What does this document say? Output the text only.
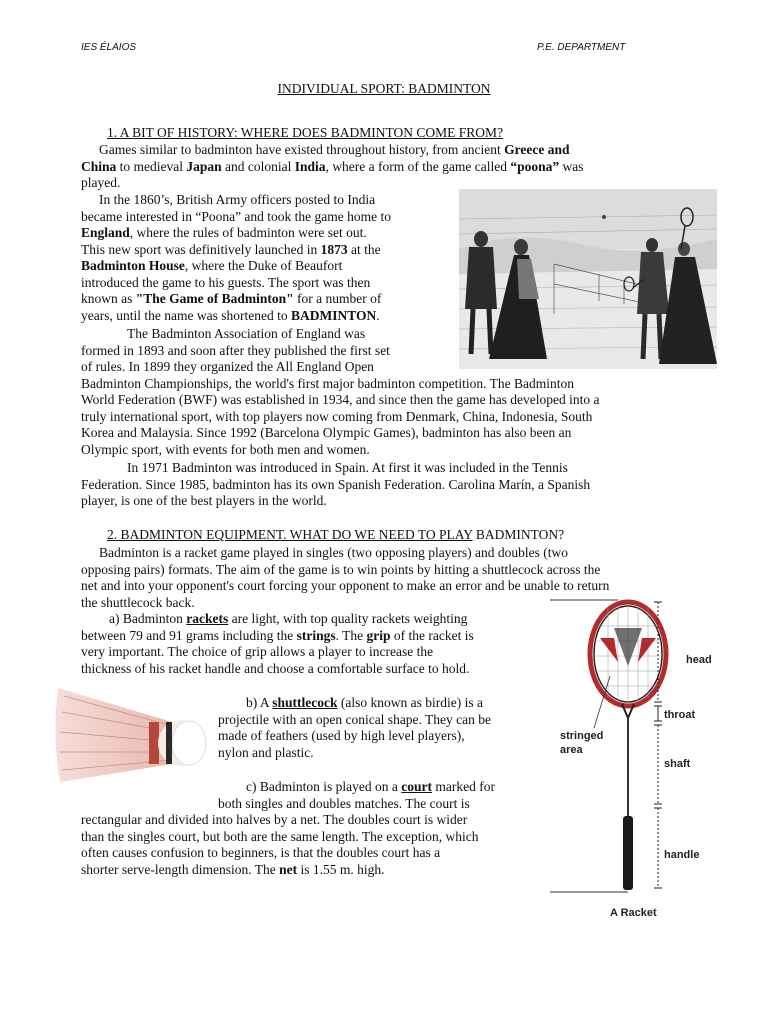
IES ÉLAIOS	P.E. DEPARTMENT
INDIVIDUAL SPORT: BADMINTON
1. A BIT OF HISTORY: WHERE DOES BADMINTON COME FROM?
Games similar to badminton have existed throughout history, from ancient Greece and
China to medieval Japan and colonial India, where a form of the game called “poona” was
played.
In the 1860’s, British Army officers posted to India
became interested in “Poona” and took the game home to
England, where the rules of badminton were set out.
This new sport was definitively launched in 1873 at the
Badminton House, where the Duke of Beaufort
introduced the game to his guests. The sport was then
known as "The Game of Badminton" for a number of
years, until the name was shortened to BADMINTON.
The Badminton Association of England was
formed in 1893 and soon after they published the first set
of rules. In 1899 they organized the All England Open
Badminton Championships, the world's first major badminton competition. The Badminton
World Federation (BWF) was established in 1934, and since then the game has developed into a
truly international sport, with top players now coming from Denmark, China, Indonesia, South
Korea and Malaysia. Since 1992 (Barcelona Olympic Games), badminton has also been an
Olympic sport, with events for both men and women.
In 1971 Badminton was introduced in Spain. At first it was included in the Tennis
Federation. Since 1985, badminton has its own Spanish Federation. Carolina Marín, a Spanish
player, is one of the best players in the world.
2. BADMINTON EQUIPMENT. WHAT DO WE NEED TO PLAY BADMINTON?
Badminton is a racket game played in singles (two opposing players) and doubles (two
opposing pairs) formats. The aim of the game is to win points by hitting a shuttlecock across the
net and into your opponent's court forcing your opponent to make an error and be unable to return
the shuttlecock back.
a) Badminton rackets are light, with top quality rackets weighting
between 79 and 91 grams including the strings. The grip of the racket is
very important. The choice of grip allows a player to increase the
thickness of his racket handle and choose a comfortable surface to hold.
b) A shuttlecock (also known as birdie) is a
projectile with an open conical shape. They can be
made of feathers (used by high level players),
nylon and plastic.
c) Badminton is played on a court marked for
both singles and doubles matches. The court is
rectangular and divided into halves by a net. The doubles court is wider
than the singles court, but both are the same length. The exception, which
often causes confusion to beginners, is that the doubles court has a
shorter serve-length dimension. The net is 1.55 m. high.
head
throat
stringed
area
shaft
handle
A Racket
